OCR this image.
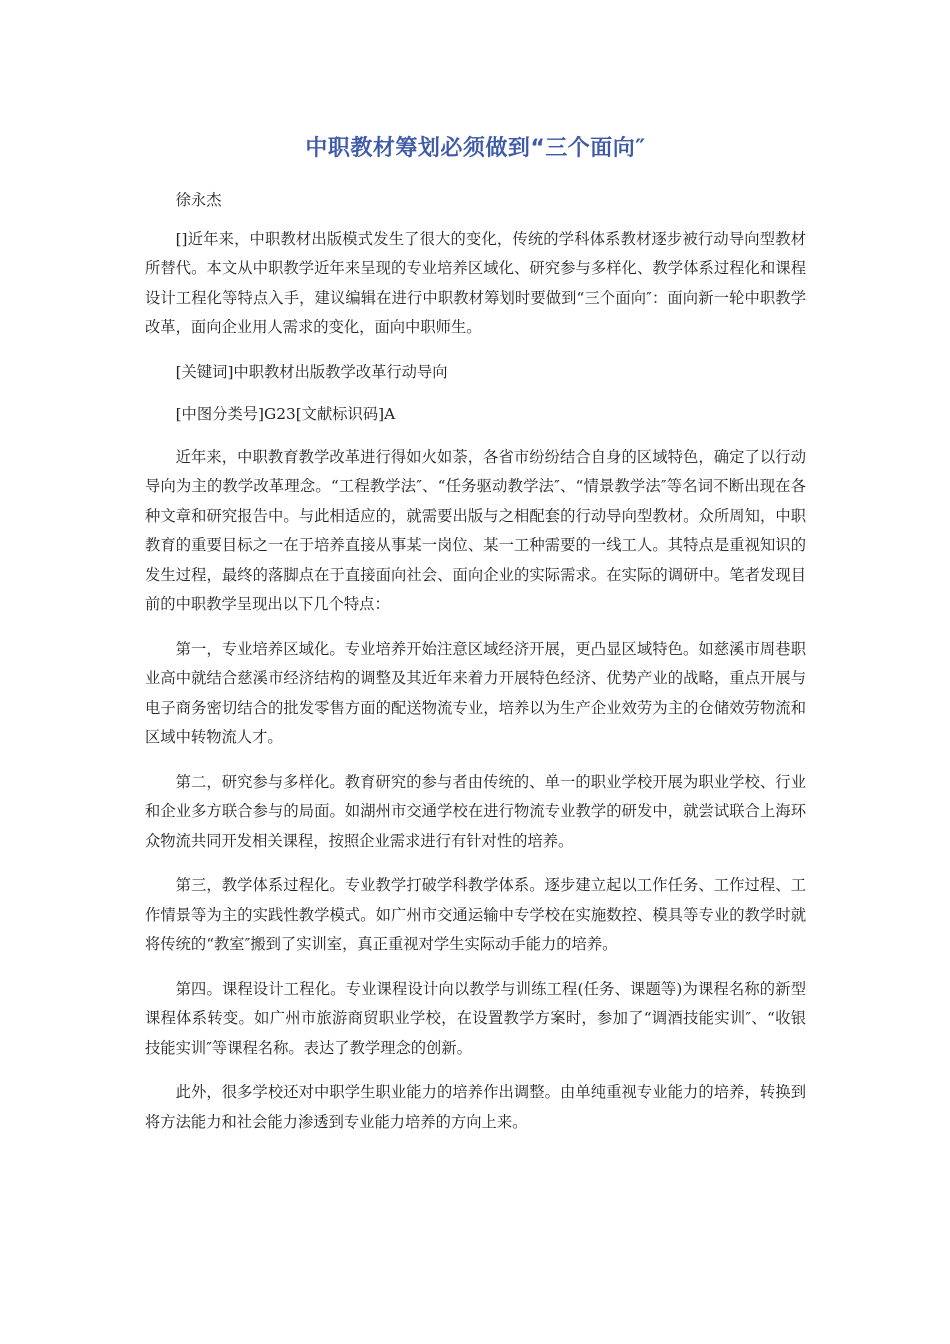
中职教材筹划必须做到“三个面向″

徐永杰

[]近年来，中职教材出版模式发生了很大的变化，传统的学科体系教材逐步被行动导向型教材所替代。本文从中职教学近年来呈现的专业培养区域化、研究参与多样化、教学体系过程化和课程设计工程化等特点入手，建议编辑在进行中职教材筹划时要做到“三个面向″：面向新一轮中职教学改革，面向企业用人需求的变化，面向中职师生。

[关键词]中职教材出版教学改革行动导向

[中图分类号]G23[文献标识码]A

近年来，中职教育教学改革进行得如火如荼，各省市纷纷结合自身的区域特色，确定了以行动导向为主的教学改革理念。“工程教学法″、“任务驱动教学法″、“情景教学法″等名词不断出现在各种文章和研究报告中。与此相适应的，就需要出版与之相配套的行动导向型教材。众所周知，中职教育的重要目标之一在于培养直接从事某一岗位、某一工种需要的一线工人。其特点是重视知识的发生过程，最终的落脚点在于直接面向社会、面向企业的实际需求。在实际的调研中。笔者发现目前的中职教学呈现出以下几个特点：

第一，专业培养区域化。专业培养开始注意区域经济开展，更凸显区域特色。如慈溪市周巷职业高中就结合慈溪市经济结构的调整及其近年来着力开展特色经济、优势产业的战略，重点开展与电子商务密切结合的批发零售方面的配送物流专业，培养以为生产企业效劳为主的仓储效劳物流和区域中转物流人才。

第二，研究参与多样化。教育研究的参与者由传统的、单一的职业学校开展为职业学校、行业和企业多方联合参与的局面。如湖州市交通学校在进行物流专业教学的研发中，就尝试联合上海环众物流共同开发相关课程，按照企业需求进行有针对性的培养。

第三，教学体系过程化。专业教学打破学科教学体系。逐步建立起以工作任务、工作过程、工作情景等为主的实践性教学模式。如广州市交通运输中专学校在实施数控、模具等专业的教学时就将传统的“教室″搬到了实训室，真正重视对学生实际动手能力的培养。

第四。课程设计工程化。专业课程设计向以教学与训练工程(任务、课题等)为课程名称的新型课程体系转变。如广州市旅游商贸职业学校，在设置教学方案时，参加了“调酒技能实训″、“收银技能实训″等课程名称。表达了教学理念的创新。

此外，很多学校还对中职学生职业能力的培养作出调整。由单纯重视专业能力的培养，转换到将方法能力和社会能力渗透到专业能力培养的方向上来。
